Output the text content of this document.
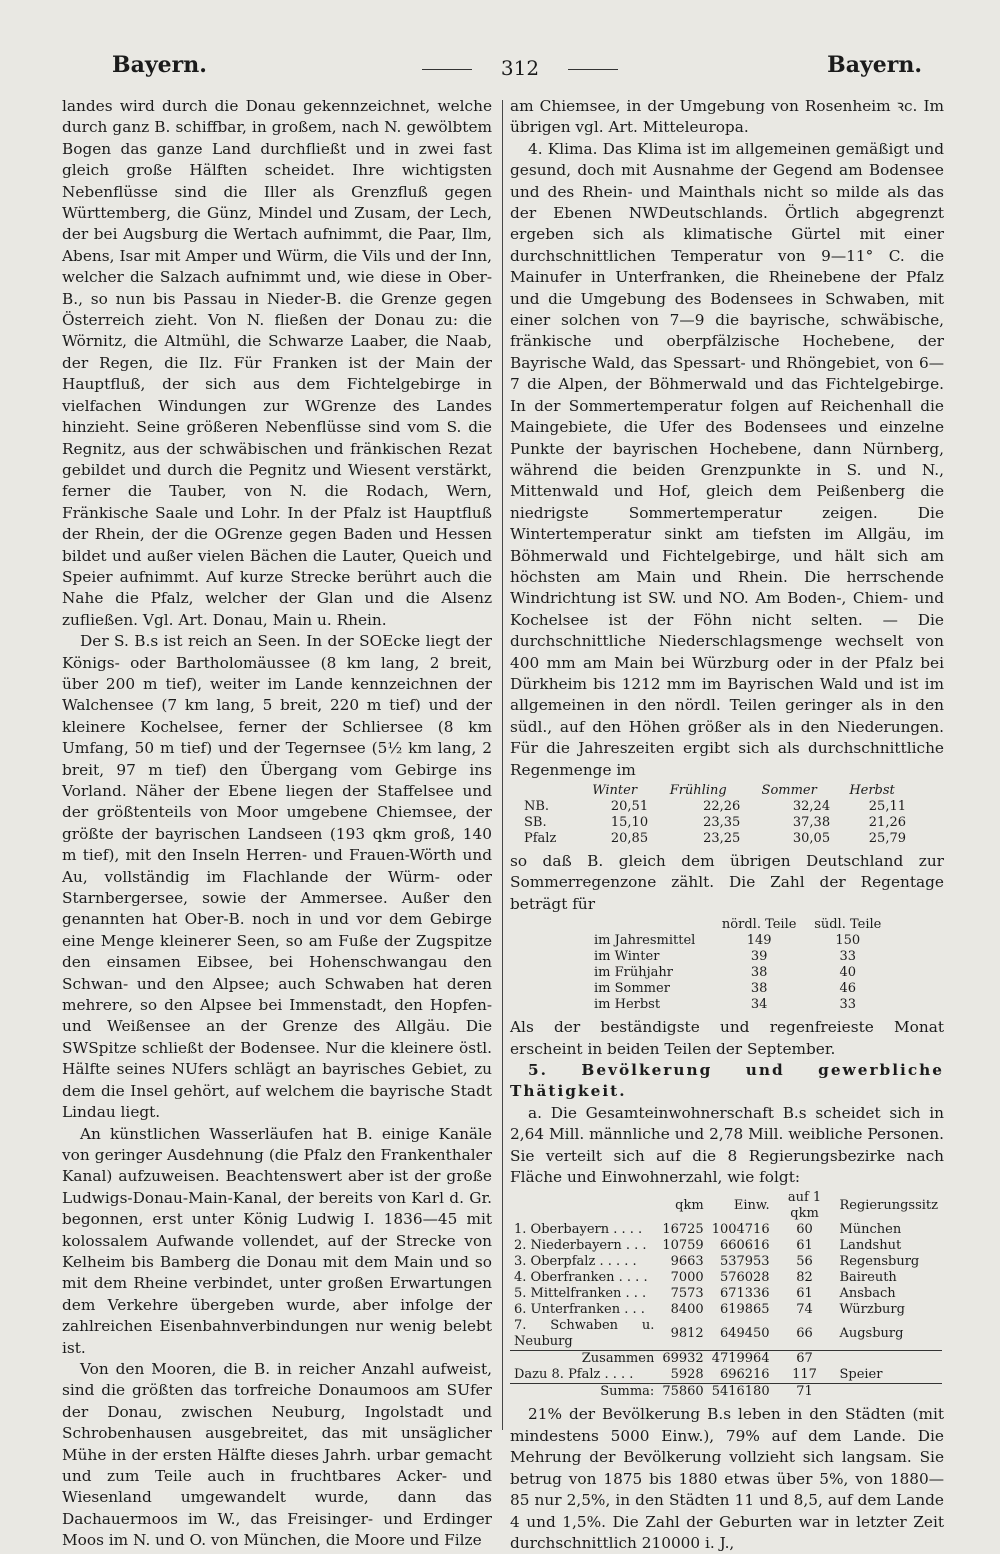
Bayern.	312	Bayern.

landes wird durch die Donau gekennzeichnet, welche durch ganz B. schiffbar, in großem, nach N. gewölbtem Bogen das ganze Land durchfließt und in zwei fast gleich große Hälften scheidet. Ihre wichtigsten Nebenflüsse sind die Iller als Grenzfluß gegen Württemberg, die Günz, Mindel und Zusam, der Lech, der bei Augsburg die Wertach aufnimmt, die Paar, Ilm, Abens, Isar mit Amper und Würm, die Vils und der Inn, welcher die Salzach aufnimmt und, wie diese in Ober-B., so nun bis Passau in Nieder-B. die Grenze gegen Österreich zieht. Von N. fließen der Donau zu: die Wörnitz, die Altmühl, die Schwarze Laaber, die Naab, der Regen, die Ilz. Für Franken ist der Main der Hauptfluß, der sich aus dem Fichtelgebirge in vielfachen Windungen zur WGrenze des Landes hinzieht. Seine größeren Nebenflüsse sind vom S. die Regnitz, aus der schwäbischen und fränkischen Rezat gebildet und durch die Pegnitz und Wiesent verstärkt, ferner die Tauber, von N. die Rodach, Wern, Fränkische Saale und Lohr. In der Pfalz ist Hauptfluß der Rhein, der die OGrenze gegen Baden und Hessen bildet und außer vielen Bächen die Lauter, Queich und Speier aufnimmt. Auf kurze Strecke berührt auch die Nahe die Pfalz, welcher der Glan und die Alsenz zufließen. Vgl. Art. Donau, Main u. Rhein.

Der S. B.s ist reich an Seen. In der SOEcke liegt der Königs- oder Bartholomäussee (8 km lang, 2 breit, über 200 m tief), weiter im Lande kennzeichnen der Walchensee (7 km lang, 5 breit, 220 m tief) und der kleinere Kochelsee, ferner der Schliersee (8 km Umfang, 50 m tief) und der Tegernsee (5½ km lang, 2 breit, 97 m tief) den Übergang vom Gebirge ins Vorland. Näher der Ebene liegen der Staffelsee und der größtenteils von Moor umgebene Chiemsee, der größte der bayrischen Landseen (193 qkm groß, 140 m tief), mit den Inseln Herren- und Frauen-Wörth und Au, vollständig im Flachlande der Würm- oder Starnbergersee, sowie der Ammersee. Außer den genannten hat Ober-B. noch in und vor dem Gebirge eine Menge kleinerer Seen, so am Fuße der Zugspitze den einsamen Eibsee, bei Hohenschwangau den Schwan- und den Alpsee; auch Schwaben hat deren mehrere, so den Alpsee bei Immenstadt, den Hopfen- und Weißensee an der Grenze des Allgäu. Die SWSpitze schließt der Bodensee. Nur die kleinere östl. Hälfte seines NUfers schlägt an bayrisches Gebiet, zu dem die Insel gehört, auf welchem die bayrische Stadt Lindau liegt.

An künstlichen Wasserläufen hat B. einige Kanäle von geringer Ausdehnung (die Pfalz den Frankenthaler Kanal) aufzuweisen. Beachtenswert aber ist der große Ludwigs-Donau-Main-Kanal, der bereits von Karl d. Gr. begonnen, erst unter König Ludwig I. 1836—45 mit kolossalem Aufwande vollendet, auf der Strecke von Kelheim bis Bamberg die Donau mit dem Main und so mit dem Rheine verbindet, unter großen Erwartungen dem Verkehre übergeben wurde, aber infolge der zahlreichen Eisenbahnverbindungen nur wenig belebt ist.

Von den Mooren, die B. in reicher Anzahl aufweist, sind die größten das torfreiche Donaumoos am SUfer der Donau, zwischen Neuburg, Ingolstadt und Schrobenhausen ausgebreitet, das mit unsäglicher Mühe in der ersten Hälfte dieses Jahrh. urbar gemacht und zum Teile auch in fruchtbares Acker- und Wiesenland umgewandelt wurde, dann das Dachauermoos im W., das Freisinger- und Erdinger Moos im N. und O. von München, die Moore und Filze

am Chiemsee, in der Umgebung von Rosenheim ꝛc. Im übrigen vgl. Art. Mitteleuropa.

4. Klima. Das Klima ist im allgemeinen gemäßigt und gesund, doch mit Ausnahme der Gegend am Bodensee und des Rhein- und Mainthals nicht so milde als das der Ebenen NWDeutschlands. Örtlich abgegrenzt ergeben sich als klimatische Gürtel mit einer durchschnittlichen Temperatur von 9—11° C. die Mainufer in Unterfranken, die Rheinebene der Pfalz und die Umgebung des Bodensees in Schwaben, mit einer solchen von 7—9 die bayrische, schwäbische, fränkische und oberpfälzische Hochebene, der Bayrische Wald, das Spessart- und Rhöngebiet, von 6—7 die Alpen, der Böhmerwald und das Fichtelgebirge. In der Sommertemperatur folgen auf Reichenhall die Maingebiete, die Ufer des Bodensees und einzelne Punkte der bayrischen Hochebene, dann Nürnberg, während die beiden Grenzpunkte in S. und N., Mittenwald und Hof, gleich dem Peißenberg die niedrigste Sommertemperatur zeigen. Die Wintertemperatur sinkt am tiefsten im Allgäu, im Böhmerwald und Fichtelgebirge, und hält sich am höchsten am Main und Rhein. Die herrschende Windrichtung ist SW. und NO. Am Boden-, Chiem- und Kochelsee ist der Föhn nicht selten. — Die durchschnittliche Niederschlagsmenge wechselt von 400 mm am Main bei Würzburg oder in der Pfalz bei Dürkheim bis 1212 mm im Bayrischen Wald und ist im allgemeinen in den nördl. Teilen geringer als in den südl., auf den Höhen größer als in den Niederungen. Für die Jahreszeiten ergibt sich als durchschnittliche Regenmenge im

	Winter	Frühling	Sommer	Herbst
NB.	20,51	22,26	32,24	25,11
SB.	15,10	23,35	37,38	21,26
Pfalz	20,85	23,25	30,05	25,79

so daß B. gleich dem übrigen Deutschland zur Sommerregenzone zählt. Die Zahl der Regentage beträgt für

	nördl. Teile	südl. Teile
im Jahresmittel	149	150
im Winter	39	33
im Frühjahr	38	40
im Sommer	38	46
im Herbst	34	33

Als der beständigste und regenfreieste Monat erscheint in beiden Teilen der September.

5. Bevölkerung und gewerbliche Thätigkeit.

a. Die Gesamteinwohnerschaft B.s scheidet sich in 2,64 Mill. männliche und 2,78 Mill. weibliche Personen. Sie verteilt sich auf die 8 Regierungsbezirke nach Fläche und Einwohnerzahl, wie folgt:

	qkm	Einw.	auf 1 qkm	Regierungssitz
1. Oberbayern . . . .	16725	1004716	60	München
2. Niederbayern . . .	10759	660616	61	Landshut
3. Oberpfalz . . . . .	9663	537953	56	Regensburg
4. Oberfranken . . . .	7000	576028	82	Baireuth
5. Mittelfranken . . .	7573	671336	61	Ansbach
6. Unterfranken . . .	8400	619865	74	Würzburg
7. Schwaben u. Neuburg	9812	649450	66	Augsburg
Zusammen	69932	4719964	67	
Dazu 8. Pfalz . . . .	5928	696216	117	Speier
Summa:	75860	5416180	71	

21% der Bevölkerung B.s leben in den Städten (mit mindestens 5000 Einw.), 79% auf dem Lande. Die Mehrung der Bevölkerung vollzieht sich langsam. Sie betrug von 1875 bis 1880 etwas über 5%, von 1880—85 nur 2,5%, in den Städten 11 und 8,5, auf dem Lande 4 und 1,5%. Die Zahl der Geburten war in letzter Zeit durchschnittlich 210000 i. J.,
